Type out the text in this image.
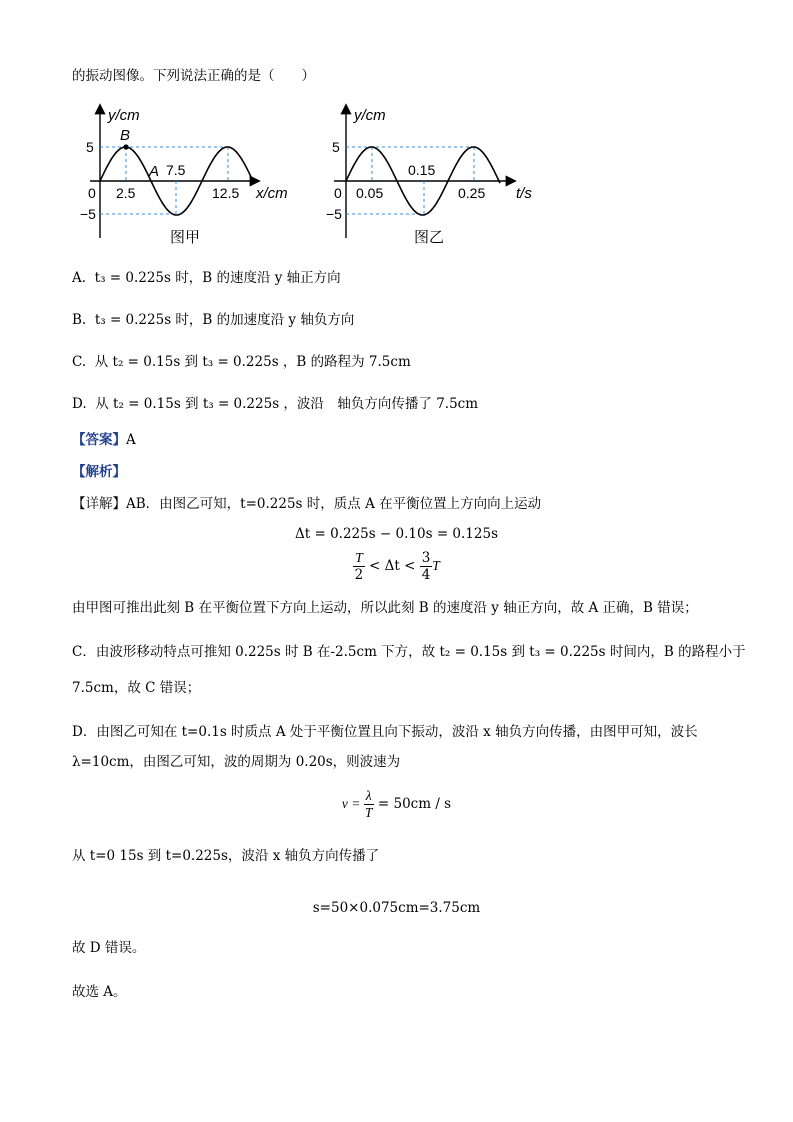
的振动图像。下列说法正确的是（　　）
y/cm
B
A
2.5
7.5
12.5 x/cm
5
−5
0
图甲
y/cm
0.05
0.15
0.25 t/s
5
−5
0
图乙
A. t₃ = 0.225s 时，B 的速度沿 y 轴正方向
B. t₃ = 0.225s 时，B 的加速度沿 y 轴负方向
C. 从 t₂ = 0.15s 到 t₃ = 0.225s ，B 的路程为 7.5cm
D. 从 t₂ = 0.15s 到 t₃ = 0.225s ，波沿　轴负方向传播了 7.5cm
【答案】A
【解析】
【详解】AB．由图乙可知，t=0.225s 时，质点 A 在平衡位置上方向向上运动
Δt = 0.225s − 0.10s = 0.125s
$\frac{T}{2} < \Delta t < \frac{3}{4}$ T
由甲图可推出此刻 B 在平衡位置下方向上运动，所以此刻 B 的速度沿 y 轴正方向，故 A 正确，B 错误；
C．由波形移动特点可推知 0.225s 时 B 在-2.5cm 下方，故 t₂ = 0.15s 到 t₃ = 0.225s 时间内，B 的路程小于
7.5cm，故 C 错误；
D．由图乙可知在 t=0.1s 时质点 A 处于平衡位置且向下振动，波沿 x 轴负方向传播，由图甲可知，波长
λ=10cm，由图乙可知，波的周期为 0.20s，则波速为
$v = \frac{\lambda}{T} = 50cm / s$
从 t=0 15s 到 t=0.225s，波沿 x 轴负方向传播了
s=50×0.075cm=3.75cm
故 D 错误。
故选 A。
